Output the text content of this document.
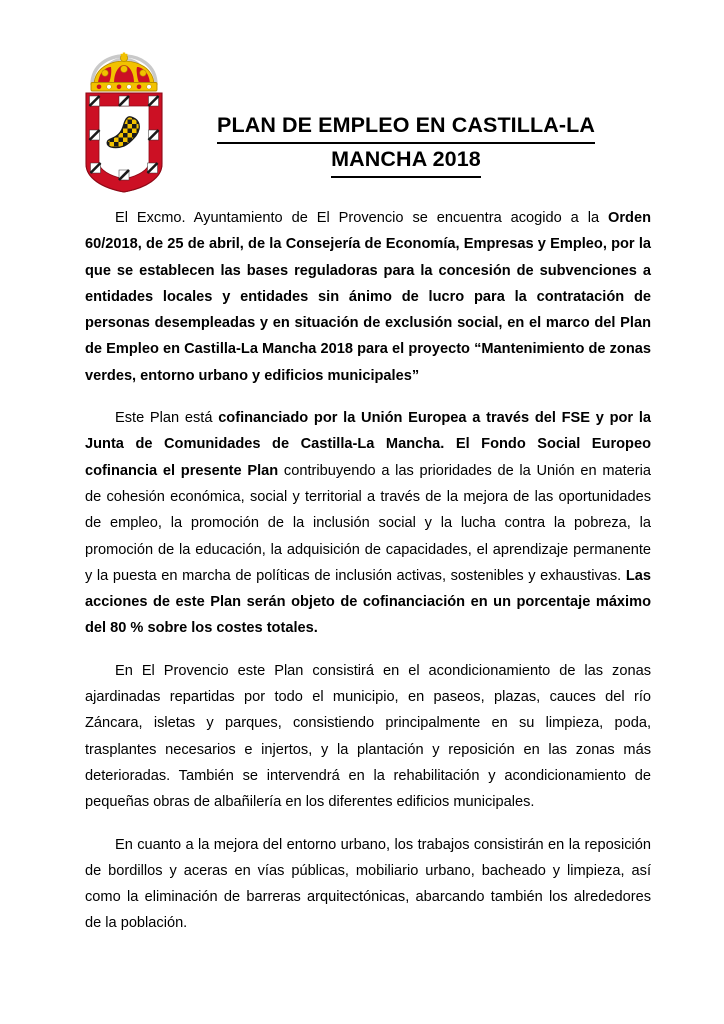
PLAN DE EMPLEO EN CASTILLA-LA
MANCHA 2018

El Excmo. Ayuntamiento de El Provencio se encuentra acogido a la Orden 60/2018, de 25 de abril, de la Consejería de Economía, Empresas y Empleo, por la que se establecen las bases reguladoras para la concesión de subvenciones a entidades locales y entidades sin ánimo de lucro para la contratación de personas desempleadas y en situación de exclusión social, en el marco del Plan de Empleo en Castilla-La Mancha 2018 para el proyecto “Mantenimiento de zonas verdes, entorno urbano y edificios municipales”

Este Plan está cofinanciado por la Unión Europea a través del FSE y por la Junta de Comunidades de Castilla-La Mancha. El Fondo Social Europeo cofinancia el presente Plan contribuyendo a las prioridades de la Unión en materia de cohesión económica, social y territorial a través de la mejora de las oportunidades de empleo, la promoción de la inclusión social y la lucha contra la pobreza, la promoción de la educación, la adquisición de capacidades, el aprendizaje permanente y la puesta en marcha de políticas de inclusión activas, sostenibles y exhaustivas. Las acciones de este Plan serán objeto de cofinanciación en un porcentaje máximo del 80 % sobre los costes totales.

En El Provencio este Plan consistirá en el acondicionamiento de las zonas ajardinadas repartidas por todo el municipio, en paseos, plazas, cauces del río Záncara, isletas y parques, consistiendo principalmente en su limpieza, poda, trasplantes necesarios e injertos, y la plantación y reposición en las zonas más deterioradas. También se intervendrá en la rehabilitación y acondicionamiento de pequeñas obras de albañilería en los diferentes edificios municipales.

En cuanto a la mejora del entorno urbano, los trabajos consistirán en la reposición de bordillos y aceras en vías públicas, mobiliario urbano, bacheado y limpieza, así como la eliminación de barreras arquitectónicas, abarcando también los alrededores de la población.
